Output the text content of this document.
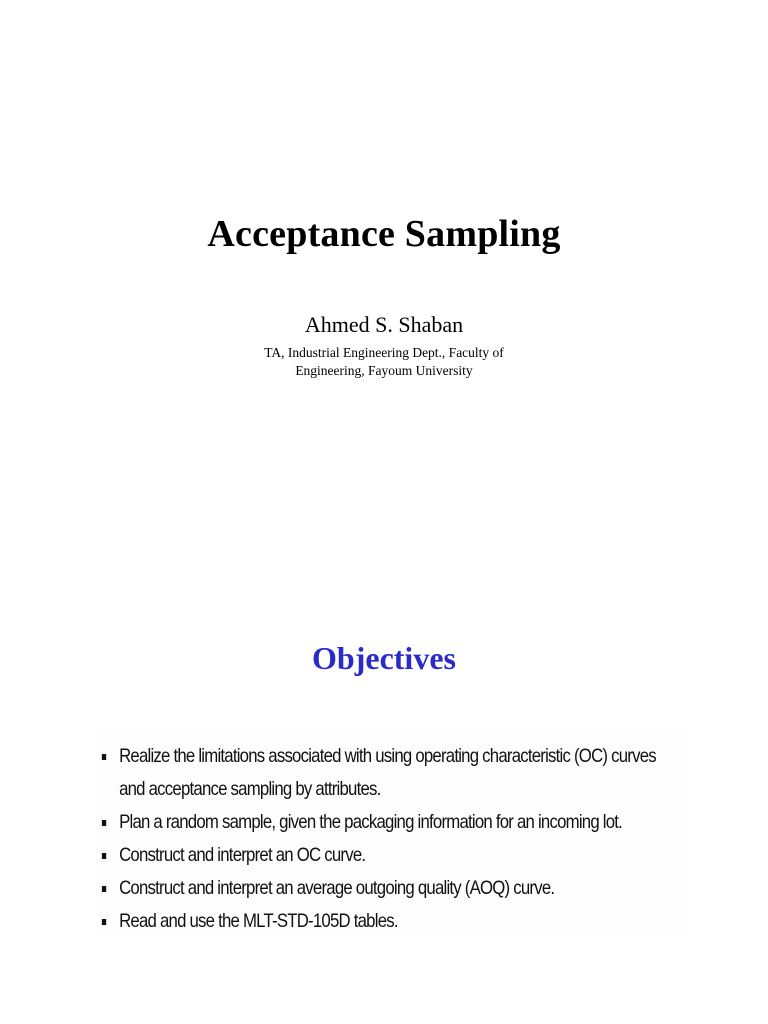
Acceptance Sampling

Ahmed S. Shaban

TA, Industrial Engineering Dept., Faculty of
Engineering, Fayoum University

Objectives
Realize the limitations associated with using operating characteristic (OC) curves
and acceptance sampling by attributes.
Plan a random sample, given the packaging information for an incoming lot.
Construct and interpret an OC curve.
Construct and interpret an average outgoing quality (AOQ) curve.
Read and use the MLT-STD-105D tables.
